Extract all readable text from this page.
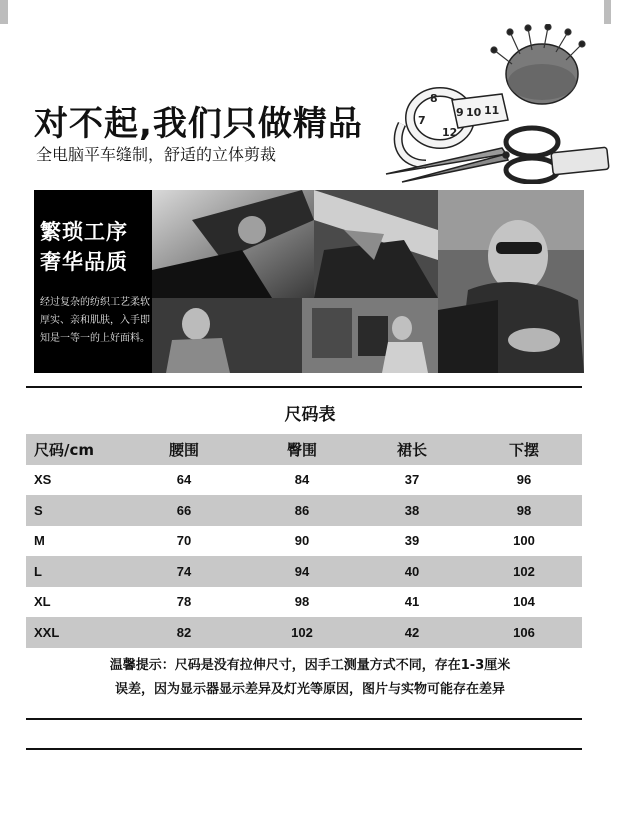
对不起,我们只做精品
全电脑平车缝制，舒适的立体剪裁
7
8
9 10 11
12
繁琐工序
奢华品质
经过复杂的纺织工艺柔软厚实、亲和肌肤，入手即知是一等一的上好面料。
尺码表
尺码/cm	腰围	臀围	裙长	下摆
XS	64	84	37	96
S	66	86	38	98
M	70	90	39	100
L	74	94	40	102
XL	78	98	41	104
XXL	82	102	42	106
温馨提示：尺码是没有拉伸尺寸，因手工测量方式不同，存在1-3厘米
误差，因为显示器显示差异及灯光等原因，图片与实物可能存在差异
